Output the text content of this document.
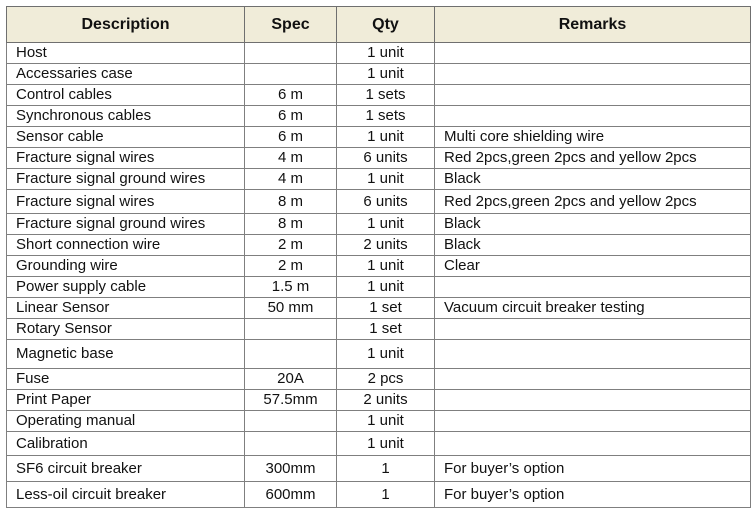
Description	Spec	Qty	Remarks
Host		1 unit	
Accessaries case		1 unit	
Control cables	6 m	1 sets	
Synchronous cables	6 m	1 sets	
Sensor cable	6 m	1 unit	Multi core shielding wire
Fracture signal wires	4 m	6 units	Red 2pcs,green 2pcs and yellow 2pcs
Fracture signal ground wires	4 m	1 unit	Black
Fracture signal wires	8 m	6 units	Red 2pcs,green 2pcs and yellow 2pcs
Fracture signal ground wires	8 m	1 unit	Black
Short connection wire	2 m	2 units	Black
Grounding wire	2 m	1 unit	Clear
Power supply cable	1.5 m	1 unit	
Linear Sensor	50 mm	1 set	Vacuum circuit breaker testing
Rotary Sensor		1 set	
Magnetic base		1 unit	
Fuse	20A	2 pcs	
Print Paper	57.5mm	2 units	
Operating manual		1 unit	
Calibration		1 unit	
SF6 circuit breaker	300mm	1	For buyer’s option
Less-oil circuit breaker	600mm	1	For buyer’s option
